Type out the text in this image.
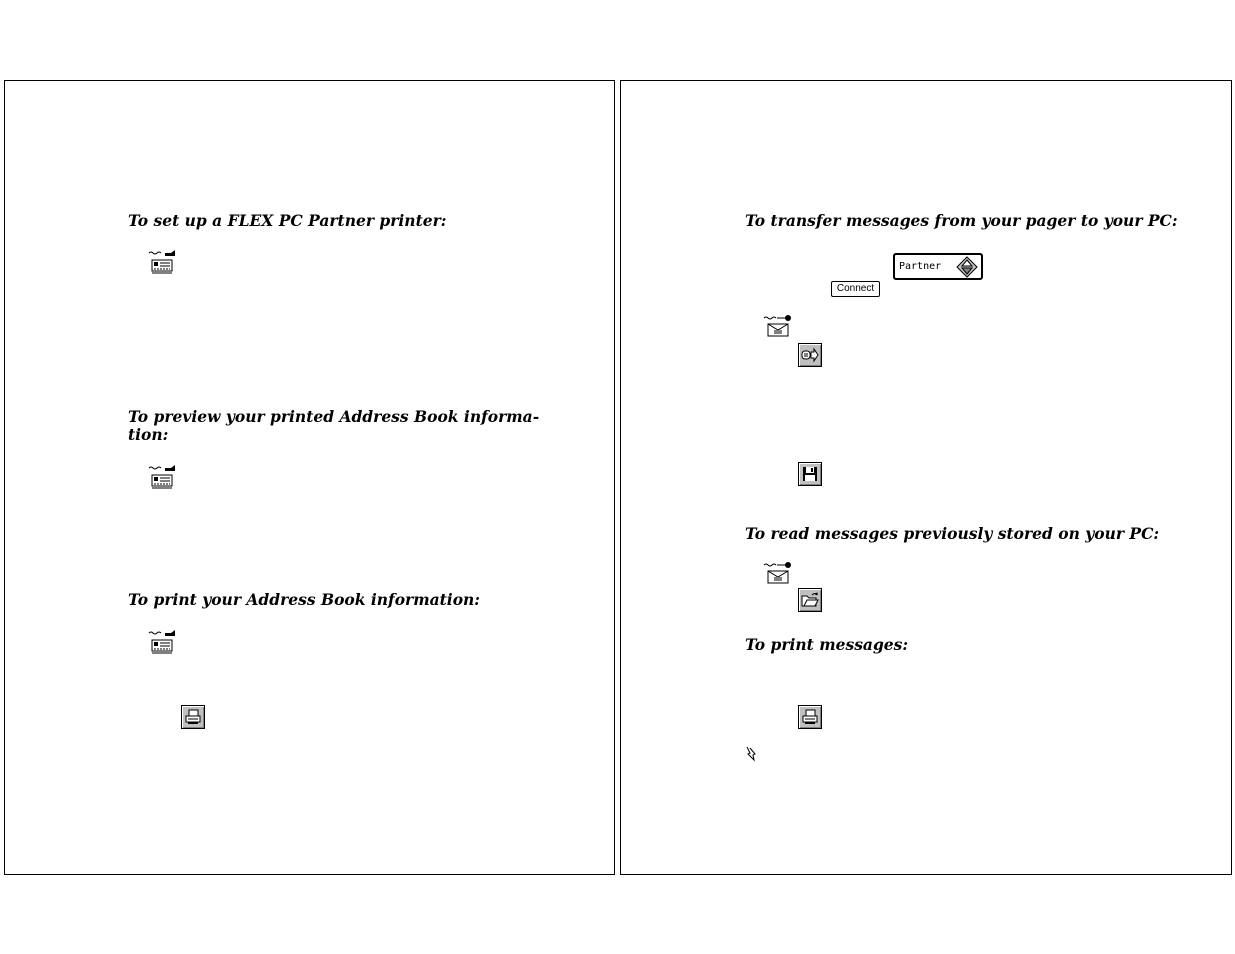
To set up a FLEX PC Partner printer:

To preview your printed Address Book informa-
tion:

To print your Address Book information:

To transfer messages from your pager to your PC:

Partner
Connect

To read messages previously stored on your PC:

To print messages:
